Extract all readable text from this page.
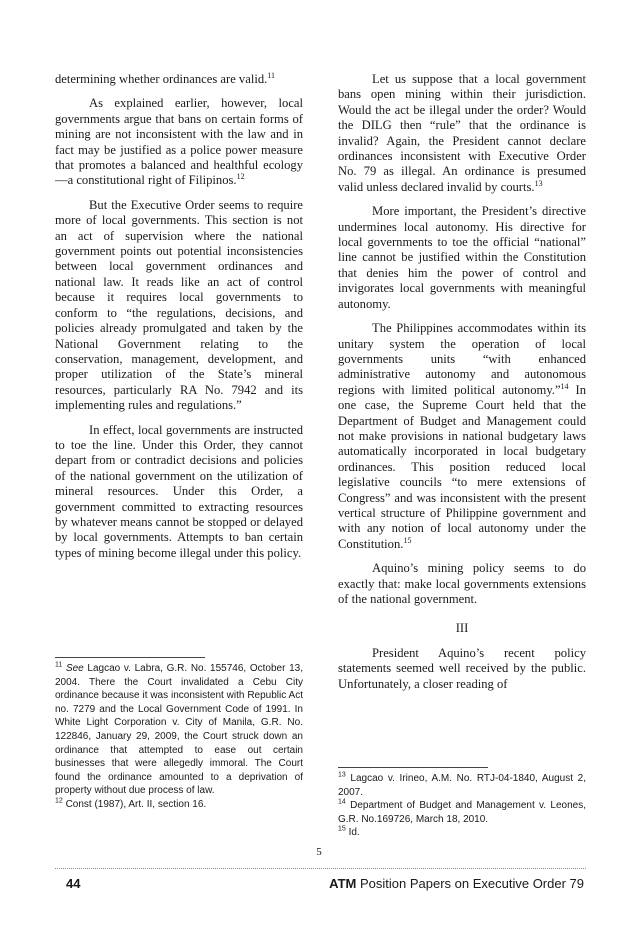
determining whether ordinances are valid.$^{11}$

As explained earlier, however, local governments argue that bans on certain forms of mining are not inconsistent with the law and in fact may be justified as a police power measure that promotes a balanced and healthful ecology—a constitutional right of Filipinos.$^{12}$

But the Executive Order seems to require more of local governments. This section is not an act of supervision where the national government points out potential inconsistencies between local government ordinances and national law. It reads like an act of control because it requires local governments to conform to “the regulations, decisions, and policies already promulgated and taken by the National Government relating to the conservation, management, development, and proper utilization of the State’s mineral resources, particularly RA No. 7942 and its implementing rules and regulations.”

In effect, local governments are instructed to toe the line. Under this Order, they cannot depart from or contradict decisions and policies of the national government on the utilization of mineral resources. Under this Order, a government committed to extracting resources by whatever means cannot be stopped or delayed by local governments. Attempts to ban certain types of mining become illegal under this policy.

Let us suppose that a local government bans open mining within their jurisdiction. Would the act be illegal under the order? Would the DILG then “rule” that the ordinance is invalid? Again, the President cannot declare ordinances inconsistent with Executive Order No. 79 as illegal. An ordinance is presumed valid unless declared invalid by courts.$^{13}$

More important, the President’s directive undermines local autonomy. His directive for local governments to toe the official “national” line cannot be justified within the Constitution that denies him the power of control and invigorates local governments with meaningful autonomy.

The Philippines accommodates within its unitary system the operation of local governments units “with enhanced administrative autonomy and autonomous regions with limited political autonomy.”$^{14}$ In one case, the Supreme Court held that the Department of Budget and Management could not make provisions in national budgetary laws automatically incorporated in local budgetary ordinances. This position reduced local legislative councils “to mere extensions of Congress” and was inconsistent with the present vertical structure of Philippine government and with any notion of local autonomy under the Constitution.$^{15}$

Aquino’s mining policy seems to do exactly that: make local governments extensions of the national government.

III

President Aquino’s recent policy statements seemed well received by the public. Unfortunately, a closer reading of

$^{11}$ See Lagcao v. Labra, G.R. No. 155746, October 13, 2004. There the Court invalidated a Cebu City ordinance because it was inconsistent with Republic Act no. 7279 and the Local Government Code of 1991. In White Light Corporation v. City of Manila, G.R. No. 122846, January 29, 2009, the Court struck down an ordinance that attempted to ease out certain businesses that were allegedly immoral. The Court found the ordinance amounted to a deprivation of property without due process of law.

$^{12}$ Const (1987), Art. II, section 16.

$^{13}$ Lagcao v. Irineo, A.M. No. RTJ-04-1840, August 2, 2007.

$^{14}$ Department of Budget and Management v. Leones, G.R. No.169726, March 18, 2010.

$^{15}$ Id.

5
44	ATM Position Papers on Executive Order 79
